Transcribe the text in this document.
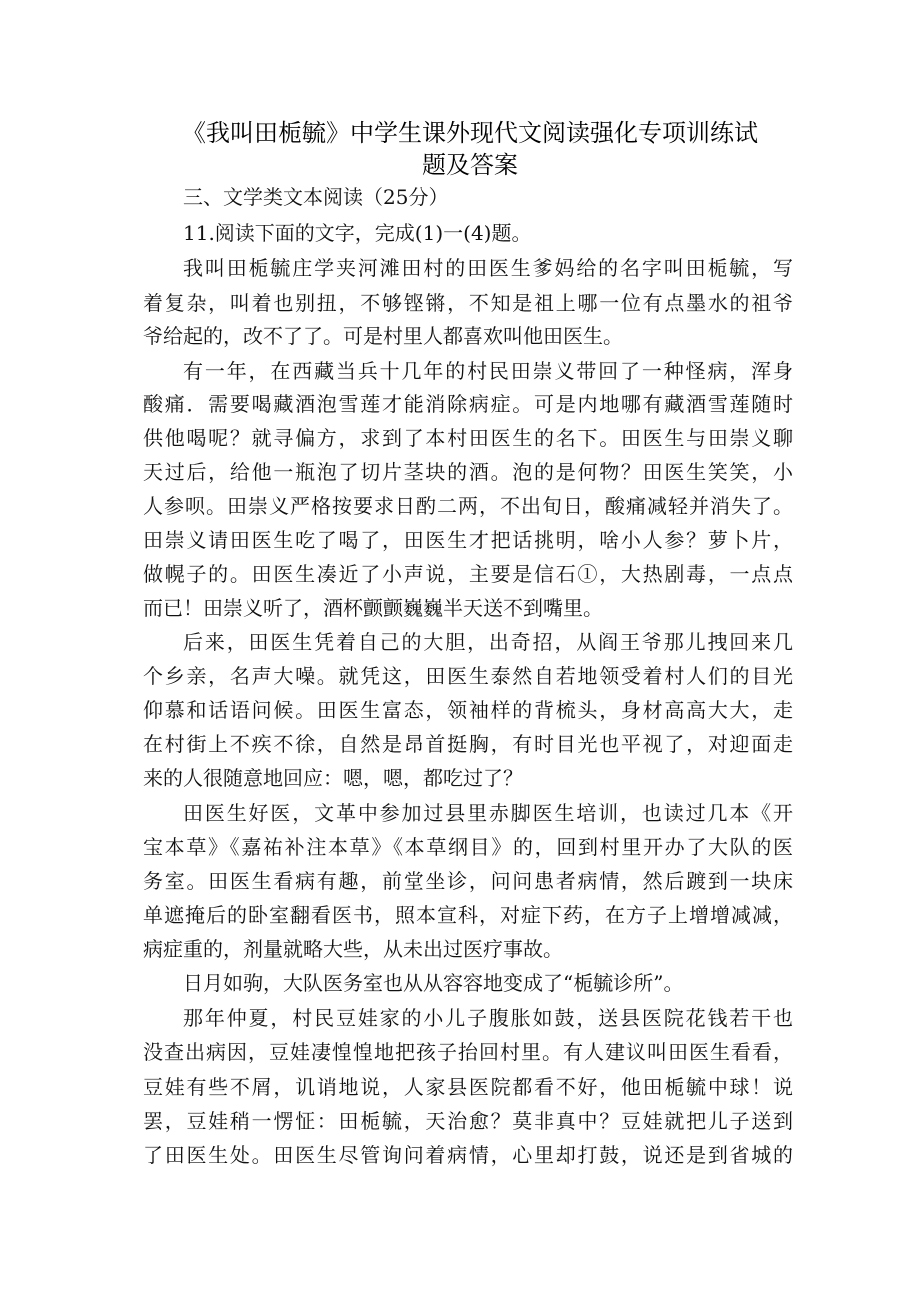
《我叫田栀毓》中学生课外现代文阅读强化专项训练试
题及答案
三、文学类文本阅读（25分）
11.阅读下面的文字，完成(1)一(4)题。
我叫田栀毓庄学夹河滩田村的田医生爹妈给的名字叫田栀毓，写
着复杂，叫着也别扭，不够铿锵，不知是祖上哪一位有点墨水的祖爷
爷给起的，改不了了。可是村里人都喜欢叫他田医生。
有一年，在西藏当兵十几年的村民田崇义带回了一种怪病，浑身
酸痛．需要喝藏酒泡雪莲才能消除病症。可是内地哪有藏酒雪莲随时
供他喝呢？就寻偏方，求到了本村田医生的名下。田医生与田崇义聊
天过后，给他一瓶泡了切片茎块的酒。泡的是何物？田医生笑笑，小
人参呗。田崇义严格按要求日酌二两，不出旬日，酸痛减轻并消失了。
田崇义请田医生吃了喝了，田医生才把话挑明，啥小人参？萝卜片，
做幌子的。田医生凑近了小声说，主要是信石①，大热剧毒，一点点
而已！田崇义听了，酒杯颤颤巍巍半天送不到嘴里。
后来，田医生凭着自己的大胆，出奇招，从阎王爷那儿拽回来几
个乡亲，名声大噪。就凭这，田医生泰然自若地领受着村人们的目光
仰慕和话语问候。田医生富态，领袖样的背梳头，身材高高大大，走
在村街上不疾不徐，自然是昂首挺胸，有时目光也平视了，对迎面走
来的人很随意地回应：嗯，嗯，都吃过了？
田医生好医，文革中参加过县里赤脚医生培训，也读过几本《开
宝本草》《嘉祐补注本草》《本草纲目》的，回到村里开办了大队的医
务室。田医生看病有趣，前堂坐诊，问问患者病情，然后踱到一块床
单遮掩后的卧室翻看医书，照本宣科，对症下药，在方子上增增减减，
病症重的，剂量就略大些，从未出过医疗事故。
日月如驹，大队医务室也从从容容地变成了“栀毓诊所”。
那年仲夏，村民豆娃家的小儿子腹胀如鼓，送县医院花钱若干也
没查出病因，豆娃凄惶惶地把孩子抬回村里。有人建议叫田医生看看，
豆娃有些不屑，讥诮地说，人家县医院都看不好，他田栀毓中球！说
罢，豆娃稍一愣怔：田栀毓，天治愈？莫非真中？豆娃就把儿子送到
了田医生处。田医生尽管询问着病情，心里却打鼓，说还是到省城的
